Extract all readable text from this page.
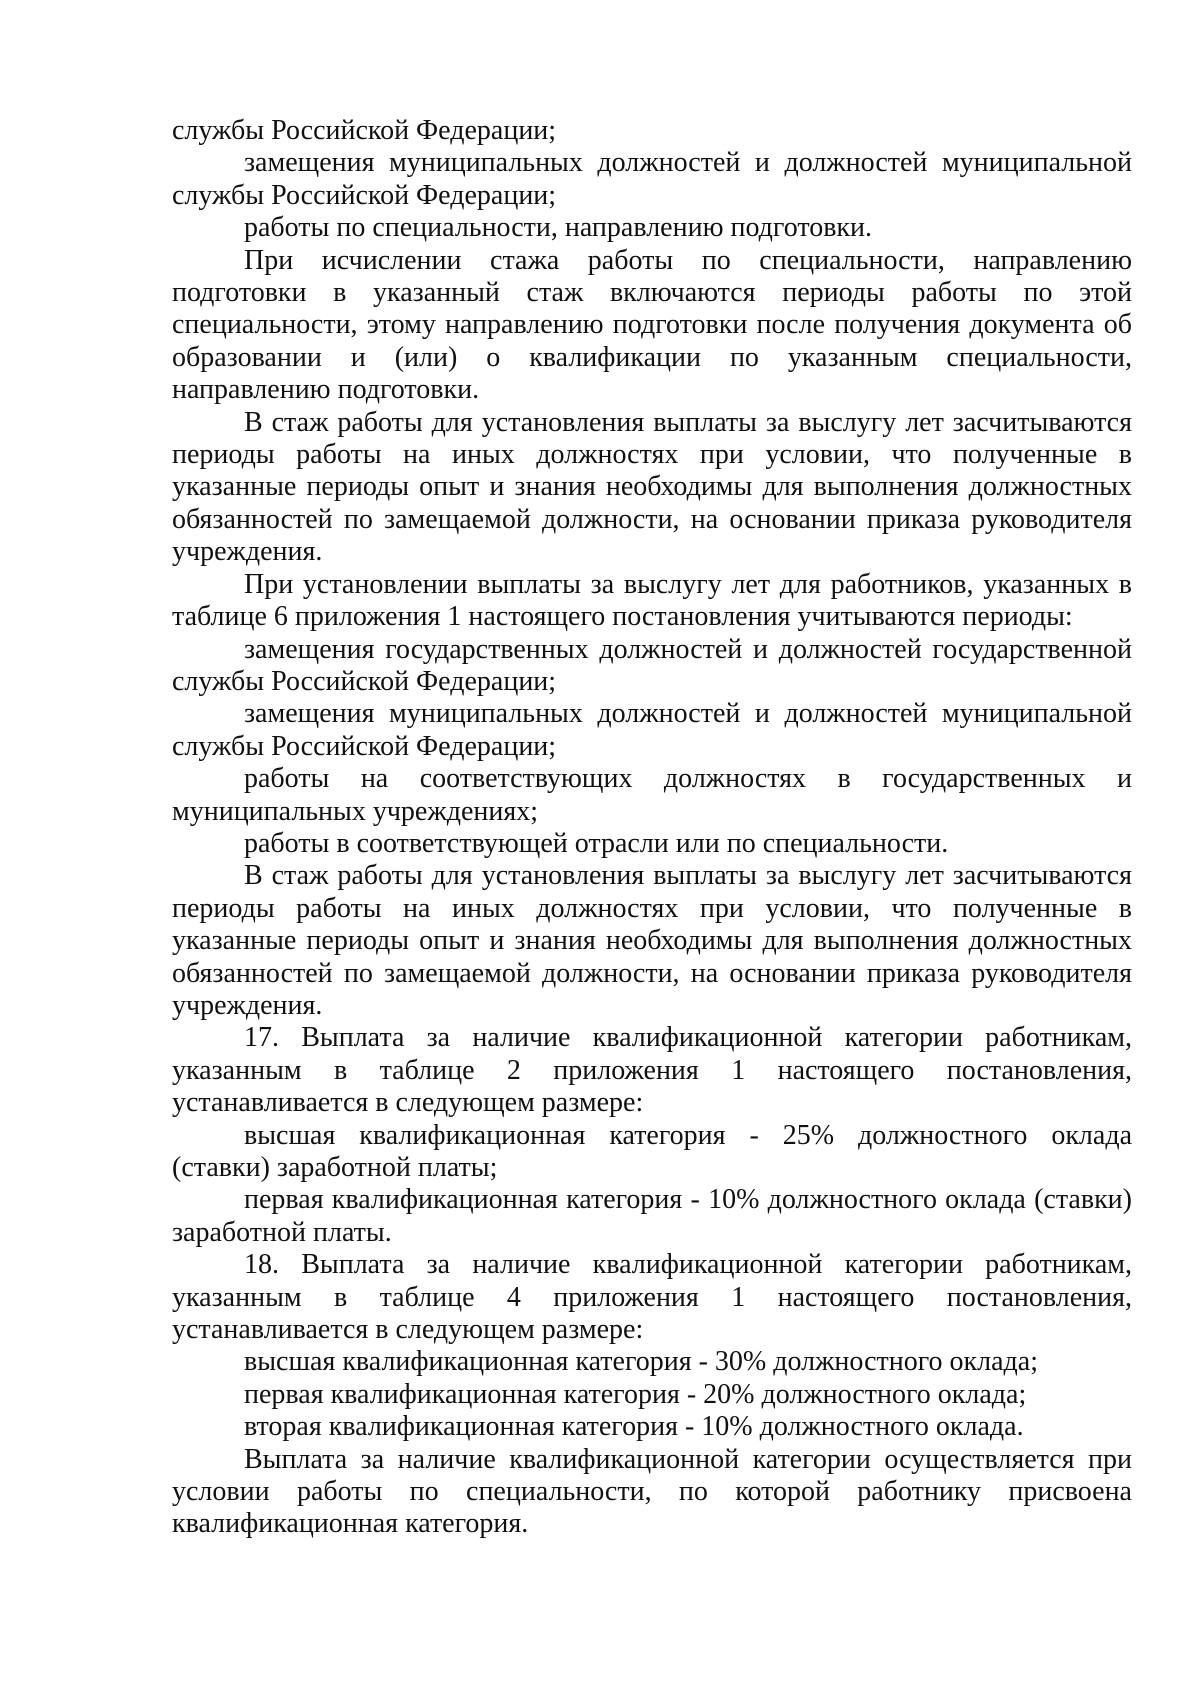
службы Российской Федерации;

замещения муниципальных должностей и должностей муниципальной службы Российской Федерации;

работы по специальности, направлению подготовки.

При исчислении стажа работы по специальности, направлению подготовки в указанный стаж включаются периоды работы по этой специальности, этому направлению подготовки после получения документа об образовании и (или) о квалификации по указанным специальности, направлению подготовки.

В стаж работы для установления выплаты за выслугу лет засчитываются периоды работы на иных должностях при условии, что полученные в указанные периоды опыт и знания необходимы для выполнения должностных обязанностей по замещаемой должности, на основании приказа руководителя учреждения.

При установлении выплаты за выслугу лет для работников, указанных в таблице 6 приложения 1 настоящего постановления учитываются периоды:

замещения государственных должностей и должностей государственной службы Российской Федерации;

замещения муниципальных должностей и должностей муниципальной службы Российской Федерации;

работы на соответствующих должностях в государственных и муниципальных учреждениях;

работы в соответствующей отрасли или по специальности.

В стаж работы для установления выплаты за выслугу лет засчитываются периоды работы на иных должностях при условии, что полученные в указанные периоды опыт и знания необходимы для выполнения должностных обязанностей по замещаемой должности, на основании приказа руководителя учреждения.

17. Выплата за наличие квалификационной категории работникам, указанным в таблице 2 приложения 1 настоящего постановления, устанавливается в следующем размере:

высшая квалификационная категория - 25% должностного оклада (ставки) заработной платы;

первая квалификационная категория - 10% должностного оклада (ставки) заработной платы.

18. Выплата за наличие квалификационной категории работникам, указанным в таблице 4 приложения 1 настоящего постановления, устанавливается в следующем размере:

высшая квалификационная категория - 30% должностного оклада;

первая квалификационная категория - 20% должностного оклада;

вторая квалификационная категория - 10% должностного оклада.

Выплата за наличие квалификационной категории осуществляется при условии работы по специальности, по которой работнику присвоена квалификационная категория.
